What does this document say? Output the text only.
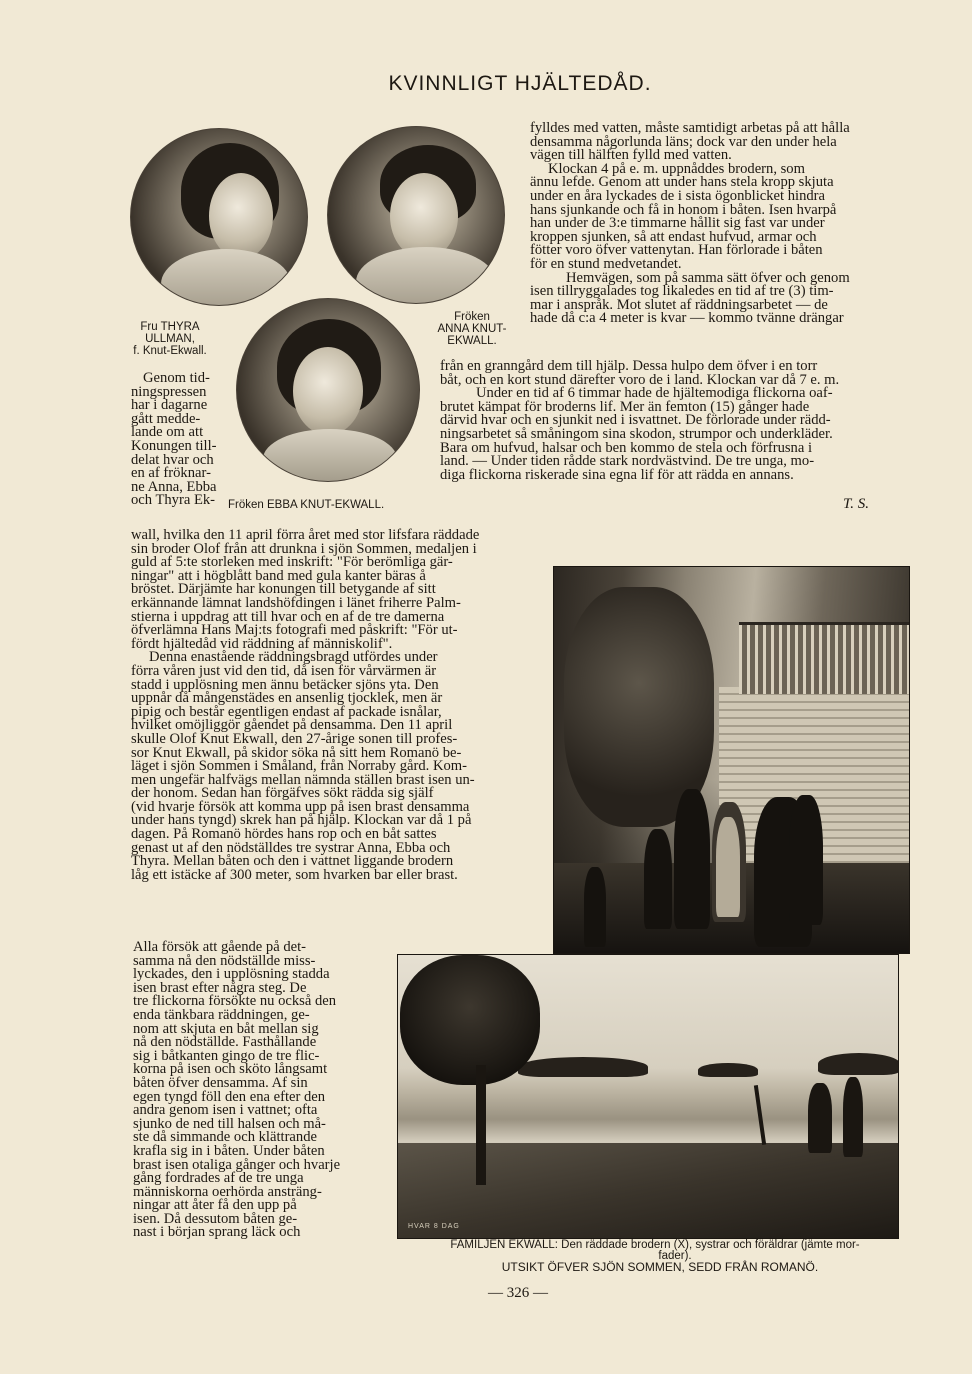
KVINNLIGT HJÄLTEDÅD.
Fru THYRA
ULLMAN,
f. Knut-Ekwall.
Fröken
ANNA KNUT-
EKWALL.
Fröken EBBA KNUT-EKWALL.
fylldes med vatten, måste samtidigt arbetas på att hålla
densamma någorlunda läns; dock var den under hela
vägen till hälften fylld med vatten.
Klockan 4 på e. m. uppnåddes brodern, som
ännu lefde. Genom att under hans stela kropp skjuta
under en åra lyckades de i sista ögonblicket hindra
hans sjunkande och få in honom i båten. Isen hvarpå
han under de 3:e timmarne hållit sig fast var under
kroppen sjunken, så att endast hufvud, armar och
fötter voro öfver vattenytan. Han förlorade i båten
för en stund medvetandet.
Hemvägen, som på samma sätt öfver och genom
isen tillryggalades tog likaledes en tid af tre (3) tim-
mar i anspråk. Mot slutet af räddningsarbetet — de
hade då c:a 4 meter is kvar — kommo tvänne drängar
från en granngård dem till hjälp. Dessa hulpo dem öfver i en torr
båt, och en kort stund därefter voro de i land. Klockan var då 7 e. m.
Under en tid af 6 timmar hade de hjältemodiga flickorna oaf-
brutet kämpat för broderns lif. Mer än femton (15) gånger hade
därvid hvar och en sjunkit ned i isvattnet. De förlorade under rädd-
ningsarbetet så småningom sina skodon, strumpor och underkläder.
Bara om hufvud, halsar och ben kommo de stela och förfrusna i
land. — Under tiden rådde stark nordvästvind. De tre unga, mo-
diga flickorna riskerade sina egna lif för att rädda en annans.
T. S.
Genom tid-
ningspressen
har i dagarne
gått medde-
lande om att
Konungen till-
delat hvar och
en af fröknar-
ne Anna, Ebba
och Thyra Ek-
wall, hvilka den 11 april förra året med stor lifsfara räddade
sin broder Olof från att drunkna i sjön Sommen, medaljen i
guld af 5:te storleken med inskrift: "För berömliga gär-
ningar" att i högblått band med gula kanter bäras å
bröstet. Därjämte har konungen till betygande af sitt
erkännande lämnat landshöfdingen i länet friherre Palm-
stierna i uppdrag att till hvar och en af de tre damerna
öfverlämna Hans Maj:ts fotografi med påskrift: "För ut-
fördt hjältedåd vid räddning af människolif".
Denna enastående räddningsbragd utfördes under
förra våren just vid den tid, då isen för vårvärmen är
stadd i upplösning men ännu betäcker sjöns yta. Den
uppnår då mångenstädes en ansenlig tjocklek, men är
pipig och består egentligen endast af packade isnålar,
hvilket omöjliggör gåendet på densamma. Den 11 april
skulle Olof Knut Ekwall, den 27-årige sonen till profes-
sor Knut Ekwall, på skidor söka nå sitt hem Romanö be-
läget i sjön Sommen i Småland, från Norraby gård. Kom-
men ungefär halfvägs mellan nämnda ställen brast isen un-
der honom. Sedan han förgäfves sökt rädda sig själf
(vid hvarje försök att komma upp på isen brast densamma
under hans tyngd) skrek han på hjälp. Klockan var då 1 på
dagen. På Romanö hördes hans rop och en båt sattes
genast ut af den nödställdes tre systrar Anna, Ebba och
Thyra. Mellan båten och den i vattnet liggande brodern
låg ett istäcke af 300 meter, som hvarken bar eller brast.
Alla försök att gående på det-
samma nå den nödställde miss-
lyckades, den i upplösning stadda
isen brast efter några steg. De
tre flickorna försökte nu också den
enda tänkbara räddningen, ge-
nom att skjuta en båt mellan sig
nå den nödställde. Fasthållande
sig i båtkanten gingo de tre flic-
korna på isen och sköto långsamt
båten öfver densamma. Af sin
egen tyngd föll den ena efter den
andra genom isen i vattnet; ofta
sjunko de ned till halsen och må-
ste då simmande och klättrande
krafla sig in i båten. Under båten
brast isen otaliga gånger och hvarje
gång fordrades af de tre unga
människorna oerhörda ansträng-
ningar att åter få den upp på
isen. Då dessutom båten ge-
nast i början sprang läck och	HVAR 8 DAG
FAMILJEN EKWALL: Den räddade brodern (X), systrar och föräldrar (jämte mor-
fader).
UTSIKT ÖFVER SJÖN SOMMEN, SEDD FRÅN ROMANÖ.
— 326 —
